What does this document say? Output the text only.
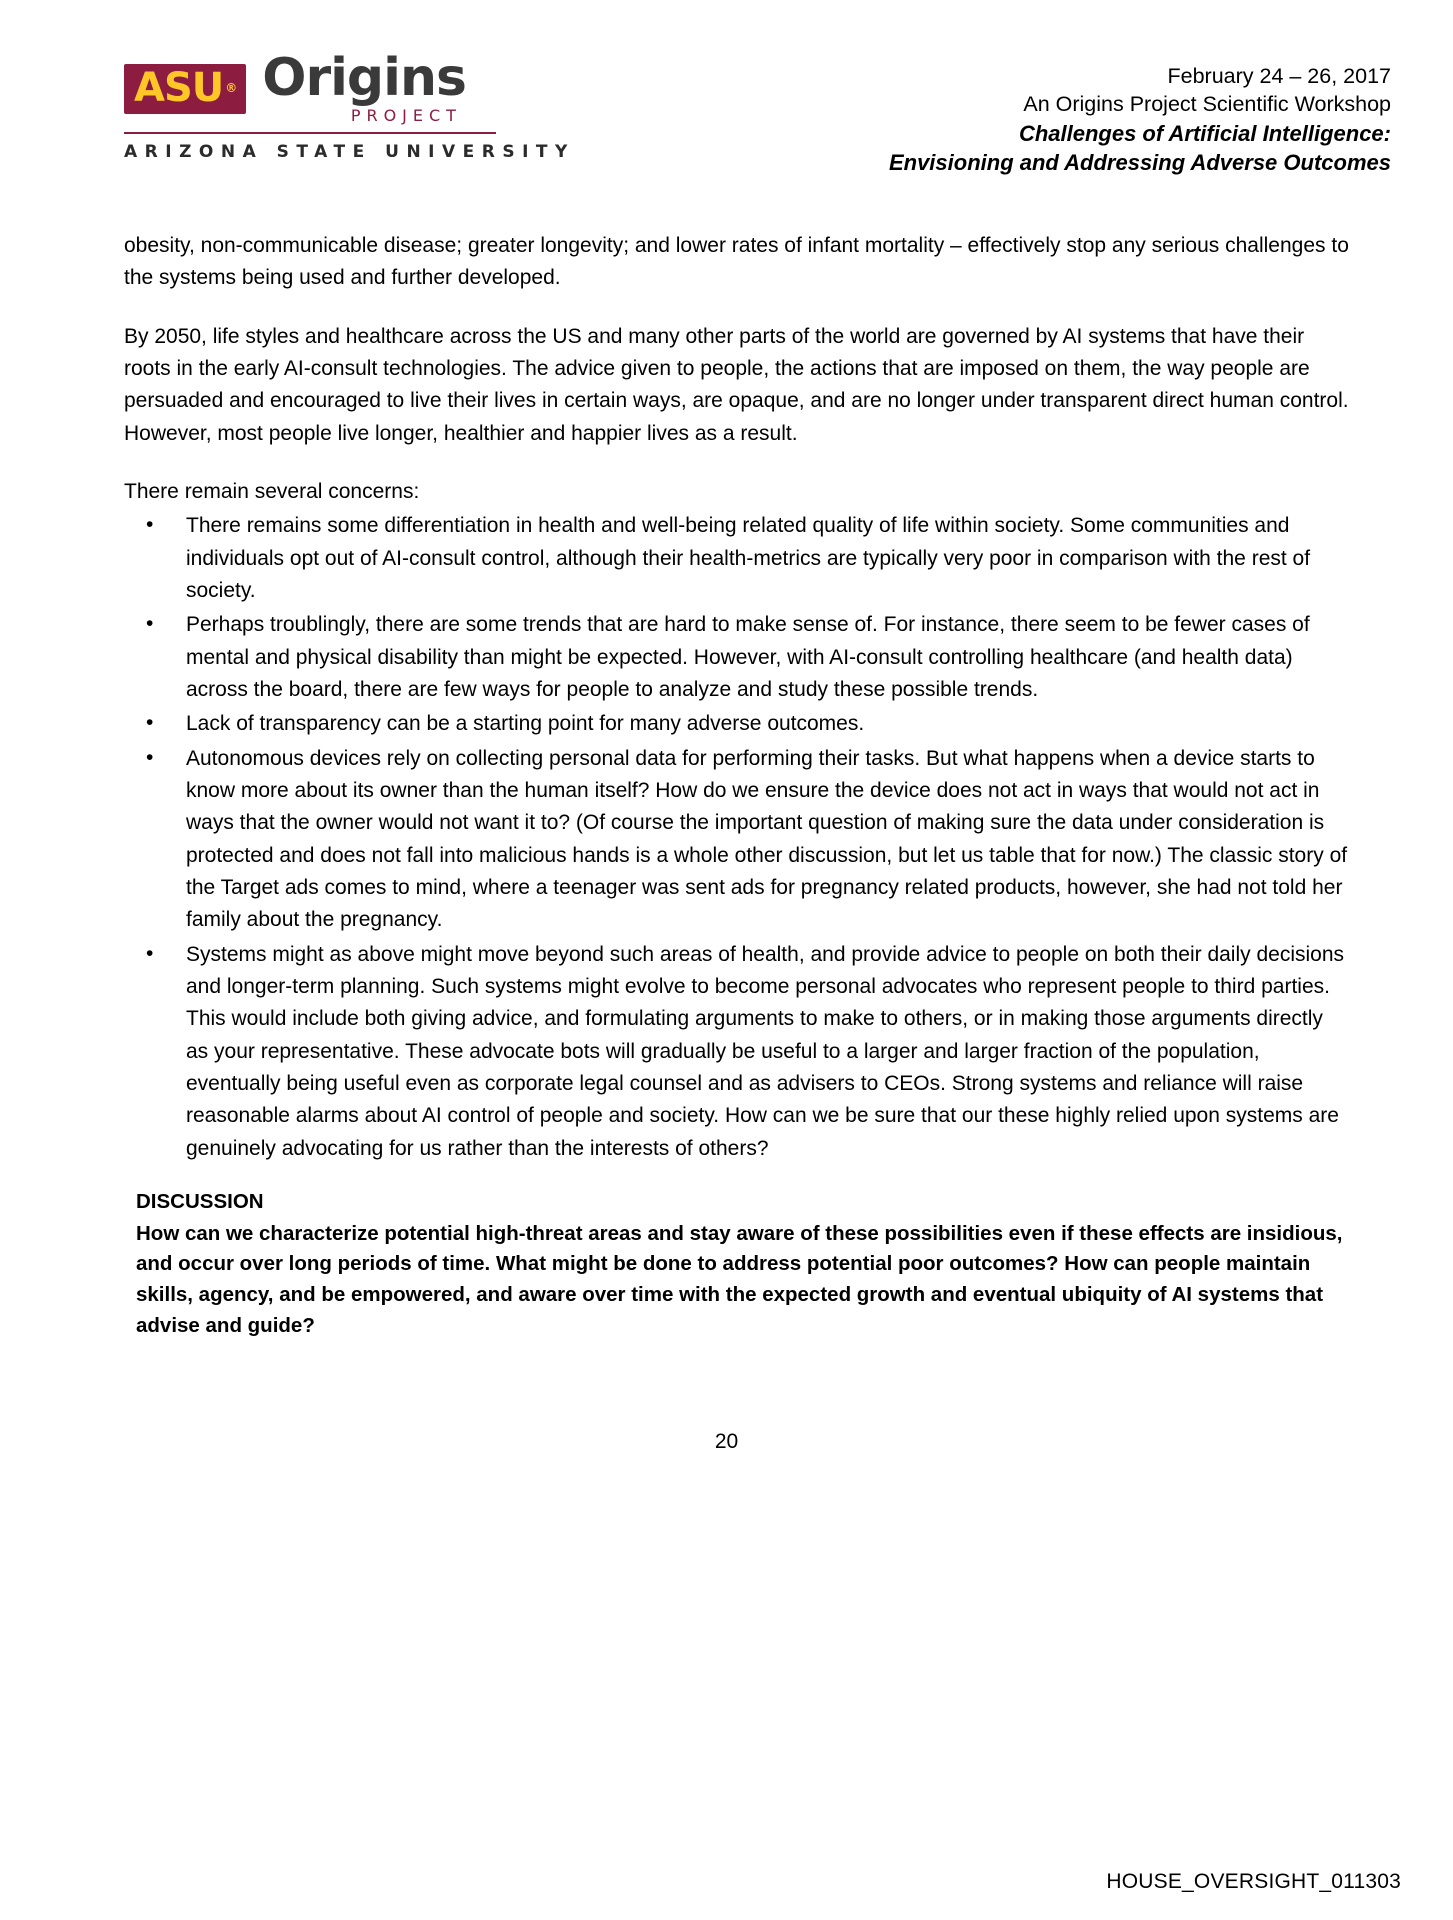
ASU ® Origins
PROJECT
ARIZONA STATE UNIVERSITY
February 24 – 26, 2017
An Origins Project Scientific Workshop
Challenges of Artificial Intelligence:
Envisioning and Addressing Adverse Outcomes

obesity, non-communicable disease; greater longevity; and lower rates of infant mortality – effectively stop any serious challenges to the systems being used and further developed.

By 2050, life styles and healthcare across the US and many other parts of the world are governed by AI systems that have their roots in the early AI-consult technologies. The advice given to people, the actions that are imposed on them, the way people are persuaded and encouraged to live their lives in certain ways, are opaque, and are no longer under transparent direct human control. However, most people live longer, healthier and happier lives as a result.

There remain several concerns:

• There remains some differentiation in health and well-being related quality of life within society. Some communities and individuals opt out of AI-consult control, although their health-metrics are typically very poor in comparison with the rest of society.
• Perhaps troublingly, there are some trends that are hard to make sense of. For instance, there seem to be fewer cases of mental and physical disability than might be expected. However, with AI-consult controlling healthcare (and health data) across the board, there are few ways for people to analyze and study these possible trends.
• Lack of transparency can be a starting point for many adverse outcomes.
• Autonomous devices rely on collecting personal data for performing their tasks. But what happens when a device starts to know more about its owner than the human itself? How do we ensure the device does not act in ways that would not act in ways that the owner would not want it to? (Of course the important question of making sure the data under consideration is protected and does not fall into malicious hands is a whole other discussion, but let us table that for now.) The classic story of the Target ads comes to mind, where a teenager was sent ads for pregnancy related products, however, she had not told her family about the pregnancy.
• Systems might as above might move beyond such areas of health, and provide advice to people on both their daily decisions and longer-term planning. Such systems might evolve to become personal advocates who represent people to third parties. This would include both giving advice, and formulating arguments to make to others, or in making those arguments directly as your representative. These advocate bots will gradually be useful to a larger and larger fraction of the population, eventually being useful even as corporate legal counsel and as advisers to CEOs. Strong systems and reliance will raise reasonable alarms about AI control of people and society. How can we be sure that our these highly relied upon systems are genuinely advocating for us rather than the interests of others?
DISCUSSION
How can we characterize potential high-threat areas and stay aware of these possibilities even if these effects are insidious, and occur over long periods of time. What might be done to address potential poor outcomes? How can people maintain skills, agency, and be empowered, and aware over time with the expected growth and eventual ubiquity of AI systems that advise and guide?
20
HOUSE_OVERSIGHT_011303
